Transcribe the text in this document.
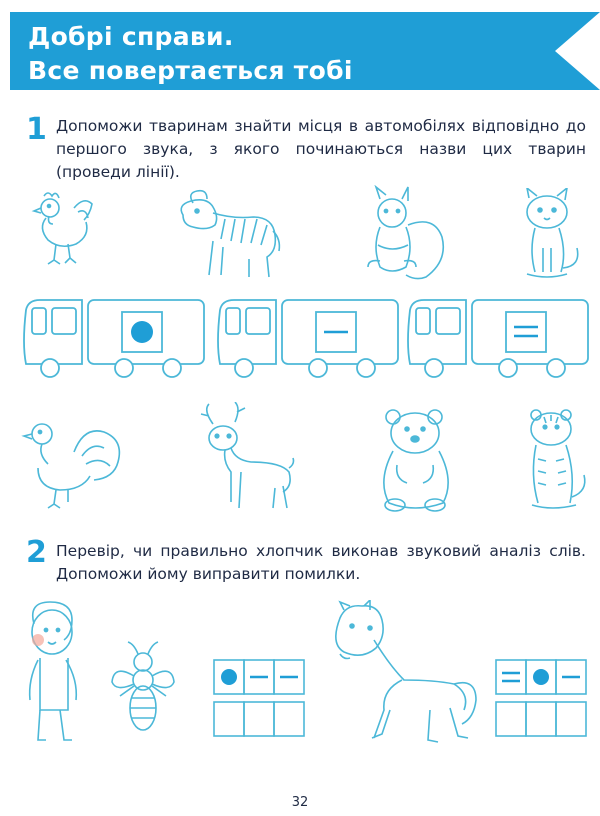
Добрі справи.
Все повертається тобі
1 Допоможи тваринам знайти місця в автомобілях відповідно до першого звука, з якого починаються назви цих тварин (проведи лінії).
2 Перевір, чи правильно хлопчик виконав звуковий аналіз слів. Допоможи йому виправити помилки.
32
